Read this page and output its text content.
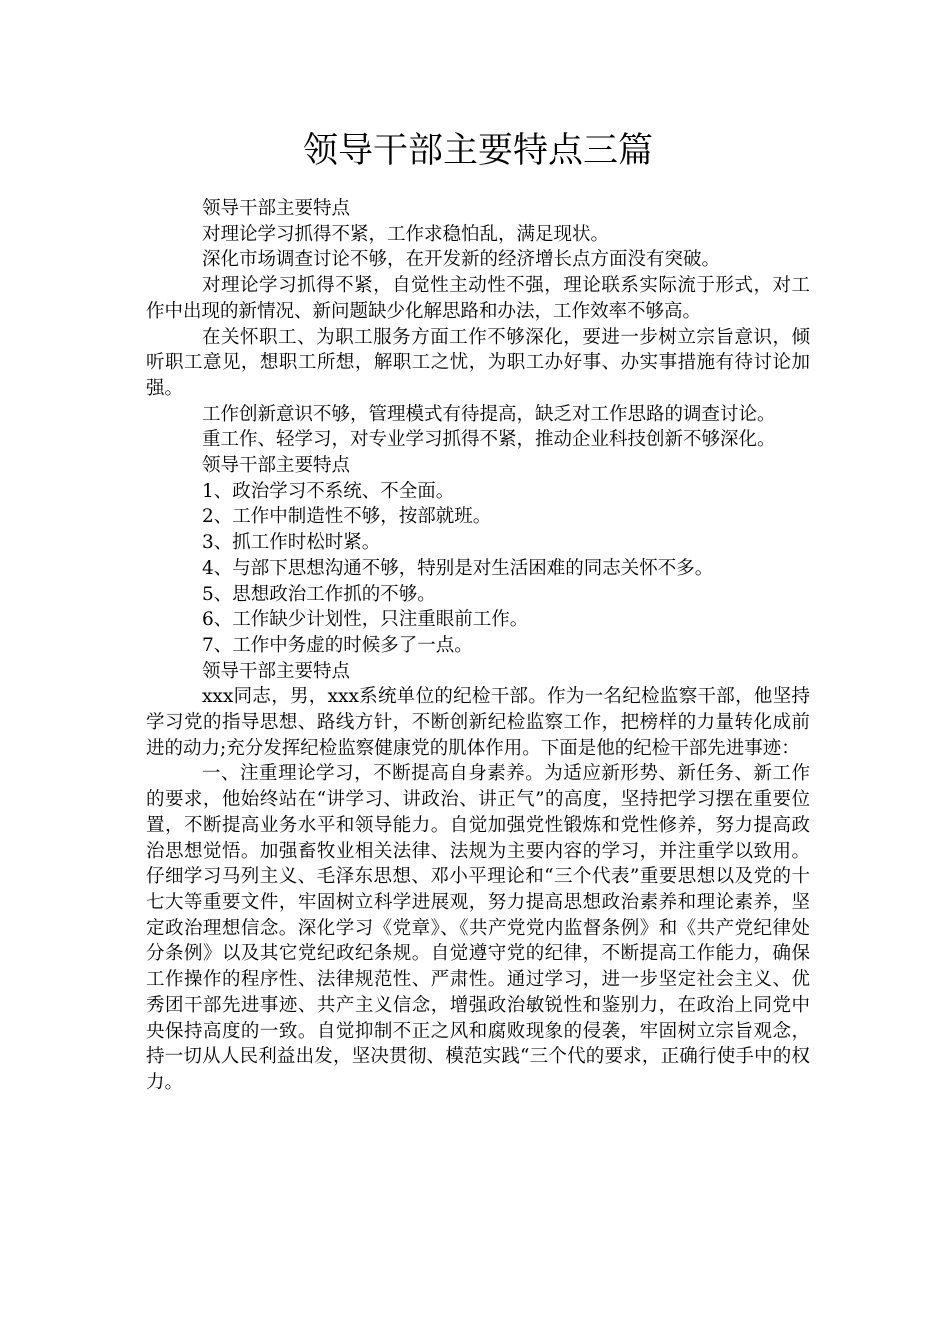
领导干部主要特点三篇

领导干部主要特点

对理论学习抓得不紧，工作求稳怕乱，满足现状。

深化市场调查讨论不够，在开发新的经济增长点方面没有突破。

对理论学习抓得不紧，自觉性主动性不强，理论联系实际流于形式，对工作中出现的新情况、新问题缺少化解思路和办法，工作效率不够高。

在关怀职工、为职工服务方面工作不够深化，要进一步树立宗旨意识，倾听职工意见，想职工所想，解职工之忧，为职工办好事、办实事措施有待讨论加强。

工作创新意识不够，管理模式有待提高，缺乏对工作思路的调查讨论。

重工作、轻学习，对专业学习抓得不紧，推动企业科技创新不够深化。

领导干部主要特点

1、政治学习不系统、不全面。

2、工作中制造性不够，按部就班。

3、抓工作时松时紧。

4、与部下思想沟通不够，特别是对生活困难的同志关怀不多。

5、思想政治工作抓的不够。

6、工作缺少计划性，只注重眼前工作。

7、工作中务虚的时候多了一点。

领导干部主要特点

xxx同志，男，xxx系统单位的纪检干部。作为一名纪检监察干部，他坚持学习党的指导思想、路线方针，不断创新纪检监察工作，把榜样的力量转化成前进的动力;充分发挥纪检监察健康党的肌体作用。下面是他的纪检干部先进事迹：

一、注重理论学习，不断提高自身素养。为适应新形势、新任务、新工作的要求，他始终站在“讲学习、讲政治、讲正气”的高度，坚持把学习摆在重要位置，不断提高业务水平和领导能力。自觉加强党性锻炼和党性修养，努力提高政治思想觉悟。加强畜牧业相关法律、法规为主要内容的学习，并注重学以致用。仔细学习马列主义、毛泽东思想、邓小平理论和“三个代表”重要思想以及党的十七大等重要文件，牢固树立科学进展观，努力提高思想政治素养和理论素养，坚定政治理想信念。深化学习《党章》、《共产党党内监督条例》和《共产党纪律处分条例》以及其它党纪政纪条规。自觉遵守党的纪律，不断提高工作能力，确保工作操作的程序性、法律规范性、严肃性。通过学习，进一步坚定社会主义、优秀团干部先进事迹、共产主义信念，增强政治敏锐性和鉴别力，在政治上同党中央保持高度的一致。自觉抑制不正之风和腐败现象的侵袭，牢固树立宗旨观念，持一切从人民利益出发，坚决贯彻、模范实践“三个代的要求，正确行使手中的权力。
